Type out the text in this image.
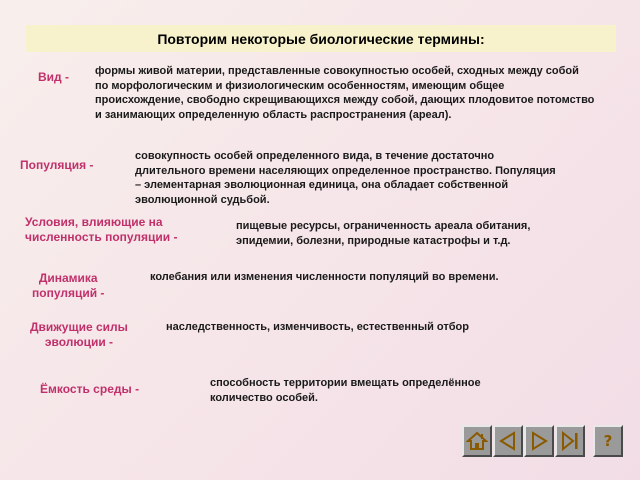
Повторим некоторые биологические термины:
Вид - формы живой материи, представленные совокупностью особей, сходных между собой по морфологическим и физиологическим особенностям, имеющим общее происхождение, свободно скрещивающихся между собой, дающих плодовитое потомство и занимающих определенную область распространения (ареал).
Популяция -
совокупность особей определенного вида, в течение достаточно длительного времени населяющих определенное пространство. Популяция – элементарная эволюционная единица, она обладает собственной эволюционной судьбой.
Условия, влияющие на
численность популяции -
пищевые ресурсы, ограниченность ареала обитания, эпидемии, болезни, природные катастрофы и т.д.
Динамика
популяций -
колебания или изменения численности популяций во времени.
Движущие силы
эволюции -
наследственность, изменчивость, естественный отбор
Ёмкость среды -	способность территории вмещать определённое количество особей.
?
